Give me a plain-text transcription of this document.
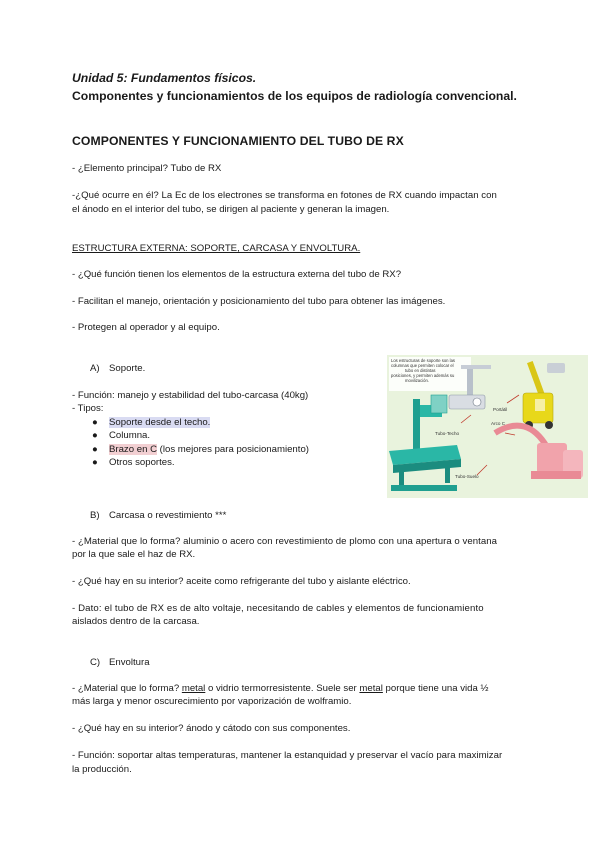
Unidad 5: Fundamentos físicos.
Componentes y funcionamientos de los equipos de radiología convencional.
COMPONENTES Y FUNCIONAMIENTO DEL TUBO DE RX
- ¿Elemento principal? Tubo de RX
-¿Qué ocurre en él? La Ec de los electrones se transforma en fotones de RX cuando impactan con
el ánodo en el interior del tubo, se dirigen al paciente y generan la imagen.
ESTRUCTURA EXTERNA: SOPORTE, CARCASA Y ENVOLTURA.
- ¿Qué función tienen los elementos de la estructura externa del tubo de RX?
- Facilitan el manejo, orientación y posicionamiento del tubo para obtener las imágenes.
- Protegen al operador y al equipo.
A) Soporte.
- Función: manejo y estabilidad del tubo-carcasa (40kg)
- Tipos:
● Soporte desde el techo.
● Columna.
● Brazo en C (los mejores para posicionamiento)
● Otros soportes.
Los estructuras de soporte son las
columnas que permiten colocar el
tubo en distintas
posiciones, y permiten además su
movilización.
Tubo-Techo
Portátil
Arco C
Tubo-Suelo
B) Carcasa o revestimiento ***
- ¿Material que lo forma? aluminio o acero con revestimiento de plomo con una apertura o ventana
por la que sale el haz de RX.
- ¿Qué hay en su interior? aceite como refrigerante del tubo y aislante eléctrico.
- Dato: el tubo de RX es de alto voltaje, necesitando de cables y elementos de funcionamiento
aislados dentro de la carcasa.
C) Envoltura
- ¿Material que lo forma? metal o vidrio termorresistente. Suele ser metal porque tiene una vida ½
más larga y menor oscurecimiento por vaporización de wolframio.
- ¿Qué hay en su interior? ánodo y cátodo con sus componentes.
- Función: soportar altas temperaturas, mantener la estanquidad y preservar el vacío para maximizar
la producción.
